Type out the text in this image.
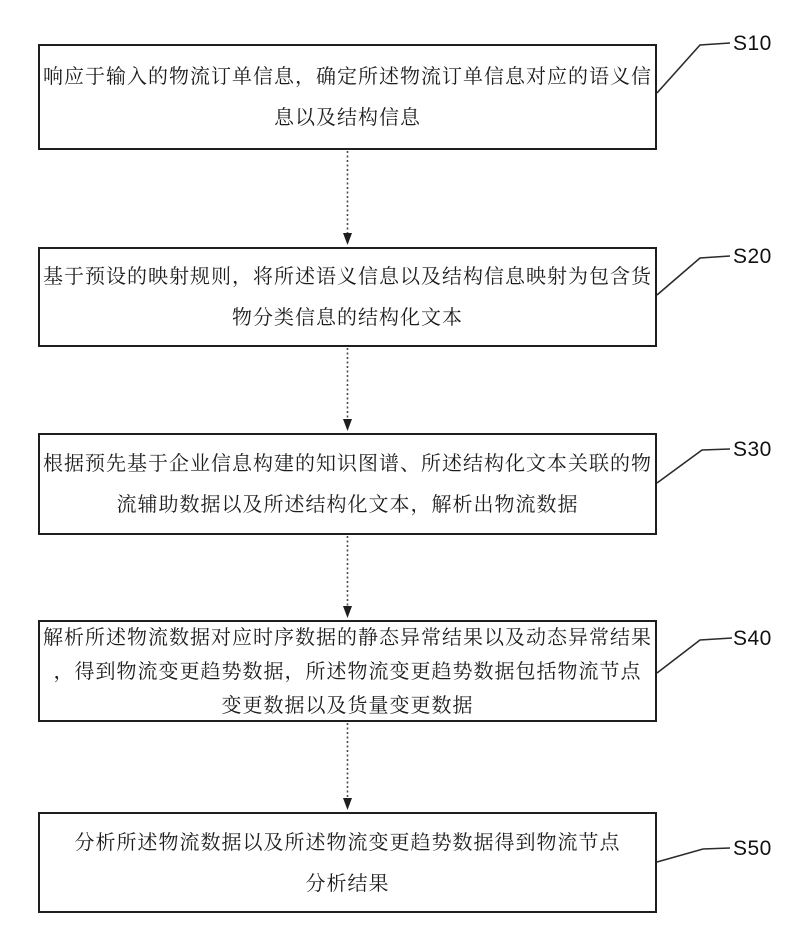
响应于输入的物流订单信息，确定所述物流订单信息对应的语义信
息以及结构信息
基于预设的映射规则，将所述语义信息以及结构信息映射为包含货
物分类信息的结构化文本
根据预先基于企业信息构建的知识图谱、所述结构化文本关联的物
流辅助数据以及所述结构化文本，解析出物流数据
解析所述物流数据对应时序数据的静态异常结果以及动态异常结果
，得到物流变更趋势数据，所述物流变更趋势数据包括物流节点
变更数据以及货量变更数据
分析所述物流数据以及所述物流变更趋势数据得到物流节点
分析结果
S10
S20
S30
S40
S50
